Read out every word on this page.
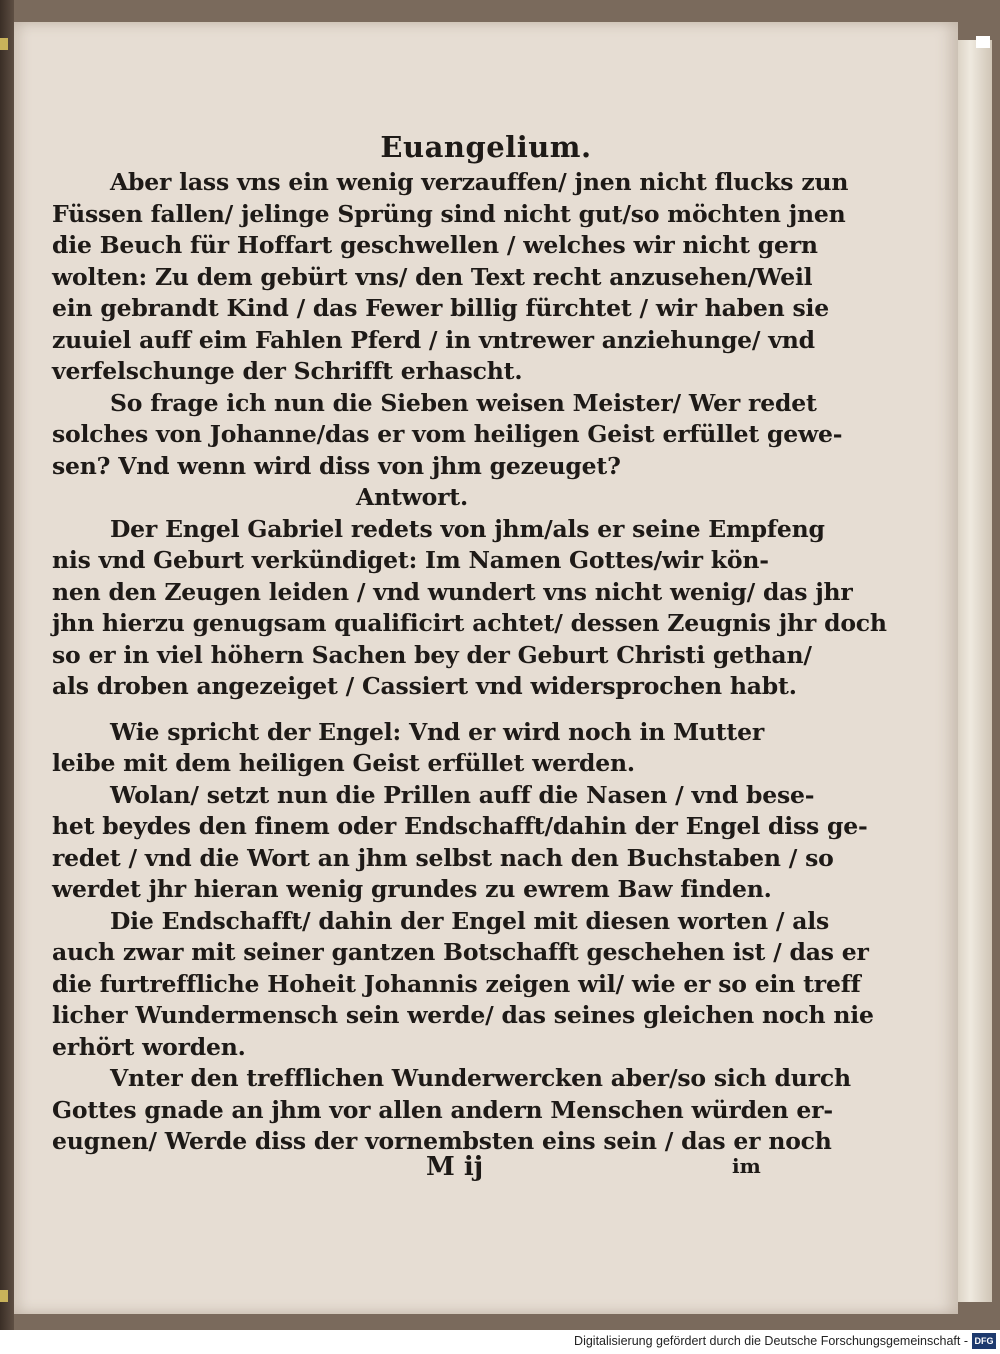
Euangelium.
Aber lass vns ein wenig verzauffen/ jnen nicht flucks zun
Füssen fallen/ jelinge Sprüng sind nicht gut/so möchten jnen
die Beuch für Hoffart geschwellen / welches wir nicht gern
wolten: Zu dem gebürt vns/ den Text recht anzusehen/Weil
ein gebrandt Kind / das Fewer billig fürchtet / wir haben sie
zuuiel auff eim Fahlen Pferd / in vntrewer anziehunge/ vnd
verfelschunge der Schrifft erhascht.
So frage ich nun die Sieben weisen Meister/ Wer redet
solches von Johanne/das er vom heiligen Geist erfüllet gewe-
sen? Vnd wenn wird diss von jhm gezeuget?
Antwort.
Der Engel Gabriel redets von jhm/als er seine Empfeng
nis vnd Geburt verkündiget: Im Namen Gottes/wir kön-
nen den Zeugen leiden / vnd wundert vns nicht wenig/ das jhr
jhn hierzu genugsam qualificirt achtet/ dessen Zeugnis jhr doch
so er in viel höhern Sachen bey der Geburt Christi gethan/
als droben angezeiget / Cassiert vnd widersprochen habt.
Wie spricht der Engel: Vnd er wird noch in Mutter
leibe mit dem heiligen Geist erfüllet werden.
Wolan/ setzt nun die Prillen auff die Nasen / vnd bese-
het beydes den finem oder Endschafft/dahin der Engel diss ge-
redet / vnd die Wort an jhm selbst nach den Buchstaben / so
werdet jhr hieran wenig grundes zu ewrem Baw finden.
Die Endschafft/ dahin der Engel mit diesen worten / als
auch zwar mit seiner gantzen Botschafft geschehen ist / das er
die furtreffliche Hoheit Johannis zeigen wil/ wie er so ein treff
licher Wundermensch sein werde/ das seines gleichen noch nie
erhört worden.
Vnter den trefflichen Wunderwercken aber/so sich durch
Gottes gnade an jhm vor allen andern Menschen würden er-
eugnen/ Werde diss der vornembsten eins sein / das er noch
M ij	im
Digitalisierung gefördert durch die Deutsche Forschungsgemeinschaft - DFG
